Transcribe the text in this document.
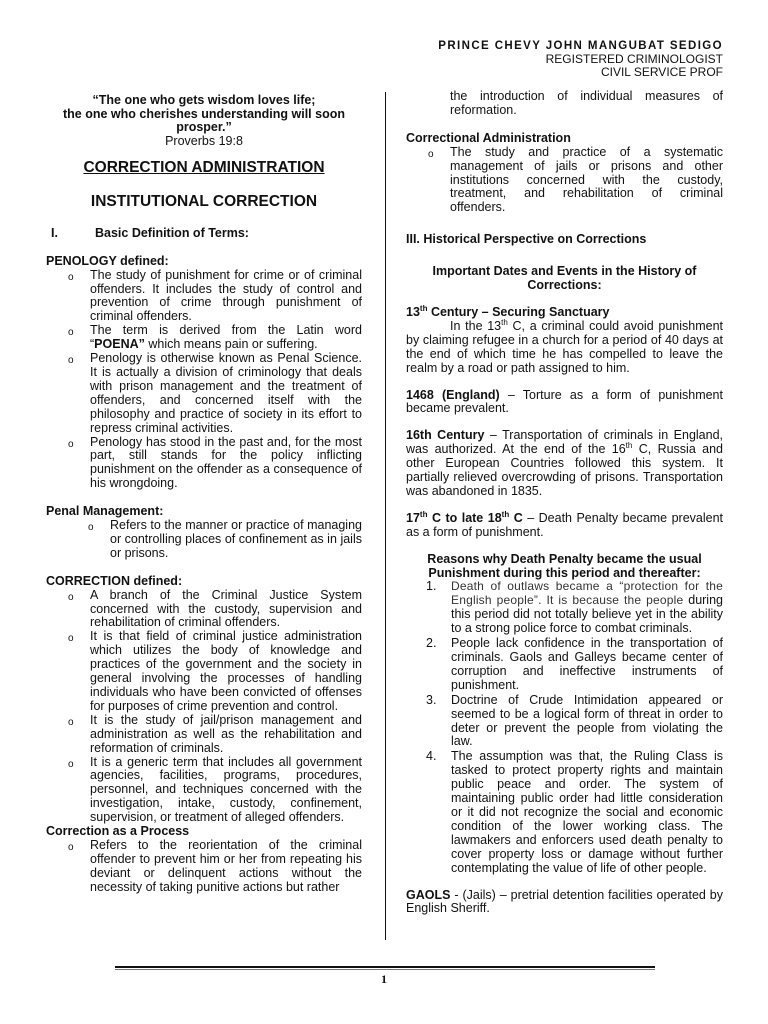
PRINCE CHEVY JOHN MANGUBAT SEDIGO
REGISTERED CRIMINOLOGIST
CIVIL SERVICE PROF

“The one who gets wisdom loves life;

the one who cherishes understanding will soon prosper.”

Proverbs 19:8

CORRECTION ADMINISTRATION
INSTITUTIONAL CORRECTION
I.	Basic Definition of Terms:
PENOLOGY defined:
o The study of punishment for crime or of criminal offenders. It includes the study of control and prevention of crime through punishment of criminal offenders.
o The term is derived from the Latin word “POENA” which means pain or suffering.
o Penology is otherwise known as Penal Science. It is actually a division of criminology that deals with prison management and the treatment of offenders, and concerned itself with the philosophy and practice of society in its effort to repress criminal activities.
o Penology has stood in the past and, for the most part, still stands for the policy inflicting punishment on the offender as a consequence of his wrongdoing.
Penal Management:
o Refers to the manner or practice of managing or controlling places of confinement as in jails or prisons.
CORRECTION defined:
o A branch of the Criminal Justice System concerned with the custody, supervision and rehabilitation of criminal offenders.
o It is that field of criminal justice administration which utilizes the body of knowledge and practices of the government and the society in general involving the processes of handling individuals who have been convicted of offenses for purposes of crime prevention and control.
o It is the study of jail/prison management and administration as well as the rehabilitation and reformation of criminals.
o It is a generic term that includes all government agencies, facilities, programs, procedures, personnel, and techniques concerned with the investigation, intake, custody, confinement, supervision, or treatment of alleged offenders.
Correction as a Process
o Refers to the reorientation of the criminal offender to prevent him or her from repeating his deviant or delinquent actions without the necessity of taking punitive actions but rather
the introduction of individual measures of reformation.
Correctional Administration
o The study and practice of a systematic management of jails or prisons and other institutions concerned with the custody, treatment, and rehabilitation of criminal offenders.
III. Historical Perspective on Corrections

Important Dates and Events in the History of Corrections:

13th Century – Securing Sanctuary

In the 13th C, a criminal could avoid punishment by claiming refugee in a church for a period of 40 days at the end of which time he has compelled to leave the realm by a road or path assigned to him.

1468 (England) – Torture as a form of punishment became prevalent.

16th Century – Transportation of criminals in England, was authorized. At the end of the 16th C, Russia and other European Countries followed this system. It partially relieved overcrowding of prisons. Transportation was abandoned in 1835.

17th C to late 18th C – Death Penalty became prevalent as a form of punishment.

Reasons why Death Penalty became the usual Punishment during this period and thereafter:

1. Death of outlaws became a “protection for the English people”. It is because the people during this period did not totally believe yet in the ability to a strong police force to combat criminals.
2. People lack confidence in the transportation of criminals. Gaols and Galleys became center of corruption and ineffective instruments of punishment.
3. Doctrine of Crude Intimidation appeared or seemed to be a logical form of threat in order to deter or prevent the people from violating the law.
4. The assumption was that, the Ruling Class is tasked to protect property rights and maintain public peace and order. The system of maintaining public order had little consideration or it did not recognize the social and economic condition of the lower working class. The lawmakers and enforcers used death penalty to cover property loss or damage without further contemplating the value of life of other people.

GAOLS - (Jails) – pretrial detention facilities operated by English Sheriff.

1
